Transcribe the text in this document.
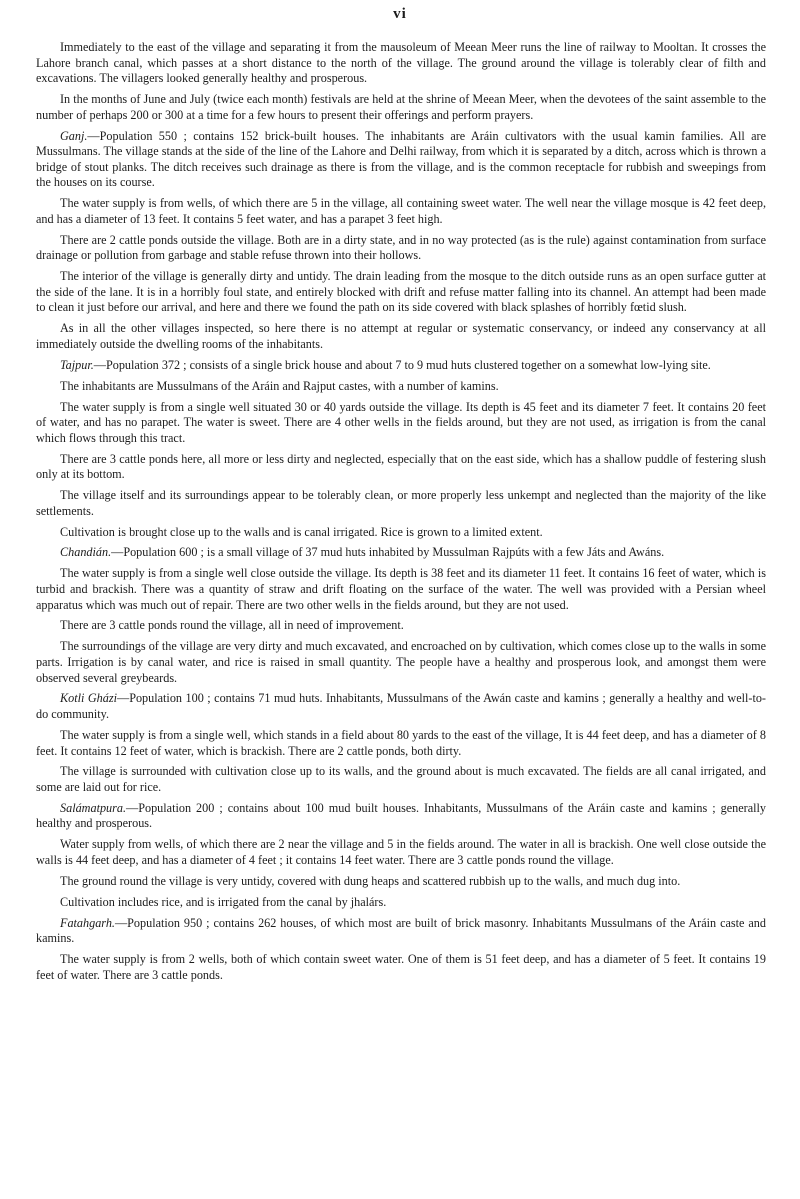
vi

Immediately to the east of the village and separating it from the mausoleum of Meean Meer runs the line of railway to Mooltan. It crosses the Lahore branch canal, which passes at a short distance to the north of the village. The ground around the village is tolerably clear of filth and excavations. The villagers looked generally healthy and prosperous.

In the months of June and July (twice each month) festivals are held at the shrine of Meean Meer, when the devotees of the saint assemble to the number of perhaps 200 or 300 at a time for a few hours to present their offerings and perform prayers.

Ganj.—Population 550 ; contains 152 brick-built houses. The inhabitants are Aráin cultivators with the usual kamin families. All are Mussulmans. The village stands at the side of the line of the Lahore and Delhi railway, from which it is separated by a ditch, across which is thrown a bridge of stout planks. The ditch receives such drainage as there is from the village, and is the common receptacle for rubbish and sweepings from the houses on its course.

The water supply is from wells, of which there are 5 in the village, all containing sweet water. The well near the village mosque is 42 feet deep, and has a diameter of 13 feet. It contains 5 feet water, and has a parapet 3 feet high.

There are 2 cattle ponds outside the village. Both are in a dirty state, and in no way protected (as is the rule) against contamination from surface drainage or pollution from garbage and stable refuse thrown into their hollows.

The interior of the village is generally dirty and untidy. The drain leading from the mosque to the ditch outside runs as an open surface gutter at the side of the lane. It is in a horribly foul state, and entirely blocked with drift and refuse matter falling into its channel. An attempt had been made to clean it just before our arrival, and here and there we found the path on its side covered with black splashes of horribly fœtid slush.

As in all the other villages inspected, so here there is no attempt at regular or systematic conservancy, or indeed any conservancy at all immediately outside the dwelling rooms of the inhabitants.

Tajpur.—Population 372 ; consists of a single brick house and about 7 to 9 mud huts clustered together on a somewhat low-lying site.

The inhabitants are Mussulmans of the Aráin and Rajput castes, with a number of kamins.

The water supply is from a single well situated 30 or 40 yards outside the village. Its depth is 45 feet and its diameter 7 feet. It contains 20 feet of water, and has no parapet. The water is sweet. There are 4 other wells in the fields around, but they are not used, as irrigation is from the canal which flows through this tract.

There are 3 cattle ponds here, all more or less dirty and neglected, especially that on the east side, which has a shallow puddle of festering slush only at its bottom.

The village itself and its surroundings appear to be tolerably clean, or more properly less unkempt and neglected than the majority of the like settlements.

Cultivation is brought close up to the walls and is canal irrigated. Rice is grown to a limited extent.

Chandián.—Population 600 ; is a small village of 37 mud huts inhabited by Mussulman Rajpúts with a few Játs and Awáns.

The water supply is from a single well close outside the village. Its depth is 38 feet and its diameter 11 feet. It contains 16 feet of water, which is turbid and brackish. There was a quantity of straw and drift floating on the surface of the water. The well was provided with a Persian wheel apparatus which was much out of repair. There are two other wells in the fields around, but they are not used.

There are 3 cattle ponds round the village, all in need of improvement.

The surroundings of the village are very dirty and much excavated, and encroached on by cultivation, which comes close up to the walls in some parts. Irrigation is by canal water, and rice is raised in small quantity. The people have a healthy and prosperous look, and amongst them were observed several greybeards.

Kotli Gházi—Population 100 ; contains 71 mud huts. Inhabitants, Mussulmans of the Awán caste and kamins ; generally a healthy and well-to-do community.

The water supply is from a single well, which stands in a field about 80 yards to the east of the village, It is 44 feet deep, and has a diameter of 8 feet. It contains 12 feet of water, which is brackish. There are 2 cattle ponds, both dirty.

The village is surrounded with cultivation close up to its walls, and the ground about is much excavated. The fields are all canal irrigated, and some are laid out for rice.

Salámatpura.—Population 200 ; contains about 100 mud built houses. Inhabitants, Mussulmans of the Aráin caste and kamins ; generally healthy and prosperous.

Water supply from wells, of which there are 2 near the village and 5 in the fields around. The water in all is brackish. One well close outside the walls is 44 feet deep, and has a diameter of 4 feet ; it contains 14 feet water. There are 3 cattle ponds round the village.

The ground round the village is very untidy, covered with dung heaps and scattered rubbish up to the walls, and much dug into.

Cultivation includes rice, and is irrigated from the canal by jhalárs.

Fatahgarh.—Population 950 ; contains 262 houses, of which most are built of brick masonry. Inhabitants Mussulmans of the Aráin caste and kamins.

The water supply is from 2 wells, both of which contain sweet water. One of them is 51 feet deep, and has a diameter of 5 feet. It contains 19 feet of water. There are 3 cattle ponds.
